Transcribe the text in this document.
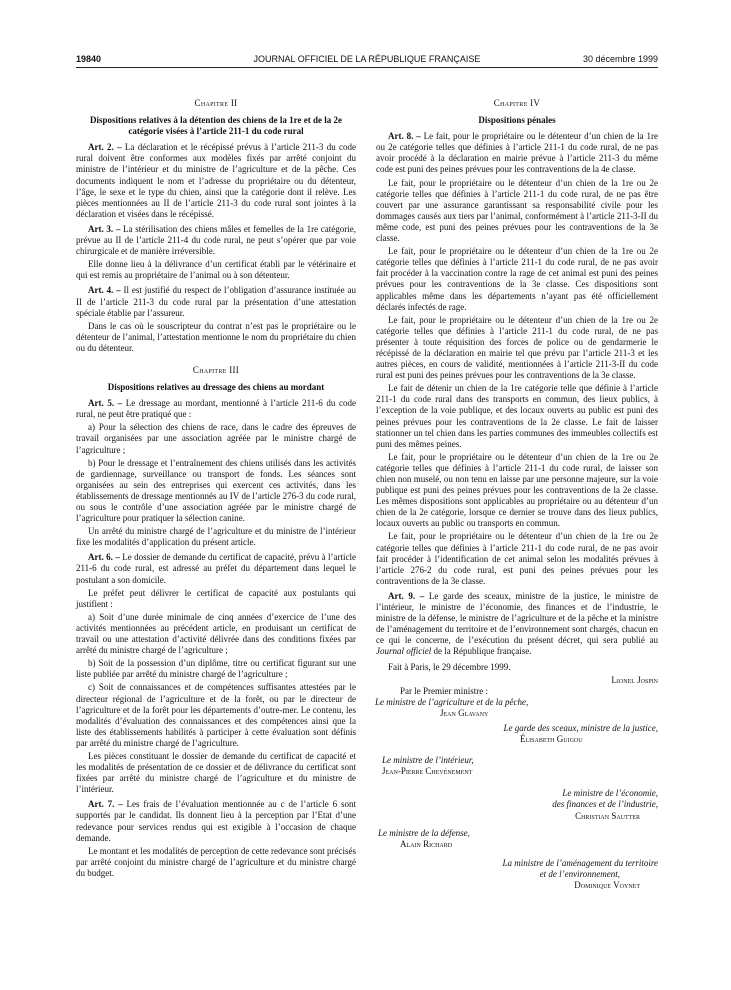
19840	JOURNAL OFFICIEL DE LA RÉPUBLIQUE FRANÇAISE	30 décembre 1999
Chapitre II
Dispositions relatives à la détention des chiens de la 1re et de la 2e catégorie visées à l’article 211-1 du code rural
Art. 2. – La déclaration et le récépissé prévus à l’article 211-3 du code rural doivent être conformes aux modèles fixés par arrêté conjoint du ministre de l’intérieur et du ministre de l’agriculture et de la pêche. Ces documents indiquent le nom et l’adresse du propriétaire ou du détenteur, l’âge, le sexe et le type du chien, ainsi que la catégorie dont il relève. Les pièces mentionnées au II de l’article 211-3 du code rural sont jointes à la déclaration et visées dans le récépissé.
Art. 3. – La stérilisation des chiens mâles et femelles de la 1re catégorie, prévue au II de l’article 211-4 du code rural, ne peut s’opérer que par voie chirurgicale et de manière irréversible.
Elle donne lieu à la délivrance d’un certificat établi par le vétérinaire et qui est remis au propriétaire de l’animal ou à son détenteur.
Art. 4. – Il est justifié du respect de l’obligation d’assurance instituée au II de l’article 211-3 du code rural par la présentation d’une attestation spéciale établie par l’assureur.
Dans le cas où le souscripteur du contrat n’est pas le propriétaire ou le détenteur de l’animal, l’attestation mentionne le nom du propriétaire du chien ou du détenteur.
Chapitre III
Dispositions relatives au dressage des chiens au mordant
Art. 5. – Le dressage au mordant, mentionné à l’article 211-6 du code rural, ne peut être pratiqué que :
a) Pour la sélection des chiens de race, dans le cadre des épreuves de travail organisées par une association agréée par le ministre chargé de l’agriculture ;
b) Pour le dressage et l’entraînement des chiens utilisés dans les activités de gardiennage, surveillance ou transport de fonds. Les séances sont organisées au sein des entreprises qui exercent ces activités, dans les établissements de dressage mentionnés au IV de l’article 276-3 du code rural, ou sous le contrôle d’une association agréée par le ministre chargé de l’agriculture pour pratiquer la sélection canine.
Un arrêté du ministre chargé de l’agriculture et du ministre de l’intérieur fixe les modalités d’application du présent article.
Art. 6. – Le dossier de demande du certificat de capacité, prévu à l’article 211-6 du code rural, est adressé au préfet du département dans lequel le postulant a son domicile.
Le préfet peut délivrer le certificat de capacité aux postulants qui justifient :
a) Soit d’une durée minimale de cinq années d’exercice de l’une des activités mentionnées au précédent article, en produisant un certificat de travail ou une attestation d’activité délivrée dans des conditions fixées par arrêté du ministre chargé de l’agriculture ;
b) Soit de la possession d’un diplôme, titre ou certificat figurant sur une liste publiée par arrêté du ministre chargé de l’agriculture ;
c) Soit de connaissances et de compétences suffisantes attestées par le directeur régional de l’agriculture et de la forêt, ou par le directeur de l’agriculture et de la forêt pour les départements d’outre-mer. Le contenu, les modalités d’évaluation des connaissances et des compétences ainsi que la liste des établissements habilités à participer à cette évaluation sont définis par arrêté du ministre chargé de l’agriculture.
Les pièces constituant le dossier de demande du certificat de capacité et les modalités de présentation de ce dossier et de délivrance du certificat sont fixées par arrêté du ministre chargé de l’agriculture et du ministre de l’intérieur.
Art. 7. – Les frais de l’évaluation mentionnée au c de l’article 6 sont supportés par le candidat. Ils donnent lieu à la perception par l’Etat d’une redevance pour services rendus qui est exigible à l’occasion de chaque demande.
Le montant et les modalités de perception de cette redevance sont précisés par arrêté conjoint du ministre chargé de l’agriculture et du ministre chargé du budget.
Chapitre IV
Dispositions pénales
Art. 8. – Le fait, pour le propriétaire ou le détenteur d’un chien de la 1re ou 2e catégorie telles que définies à l’article 211-1 du code rural, de ne pas avoir procédé à la déclaration en mairie prévue à l’article 211-3 du même code est puni des peines prévues pour les contraventions de la 4e classe.
Le fait, pour le propriétaire ou le détenteur d’un chien de la 1re ou 2e catégorie telles que définies à l’article 211-1 du code rural, de ne pas être couvert par une assurance garantissant sa responsabilité civile pour les dommages causés aux tiers par l’animal, conformément à l’article 211-3-II du même code, est puni des peines prévues pour les contraventions de la 3e classe.
Le fait, pour le propriétaire ou le détenteur d’un chien de la 1re ou 2e catégorie telles que définies à l’article 211-1 du code rural, de ne pas avoir fait procéder à la vaccination contre la rage de cet animal est puni des peines prévues pour les contraventions de la 3e classe. Ces dispositions sont applicables même dans les départements n’ayant pas été officiellement déclarés infectés de rage.
Le fait, pour le propriétaire ou le détenteur d’un chien de la 1re ou 2e catégorie telles que définies à l’article 211-1 du code rural, de ne pas présenter à toute réquisition des forces de police ou de gendarmerie le récépissé de la déclaration en mairie tel que prévu par l’article 211-3 et les autres pièces, en cours de validité, mentionnées à l’article 211-3-II du code rural est puni des peines prévues pour les contraventions de la 3e classe.
Le fait de détenir un chien de la 1re catégorie telle que définie à l’article 211-1 du code rural dans des transports en commun, des lieux publics, à l’exception de la voie publique, et des locaux ouverts au public est puni des peines prévues pour les contraventions de la 2e classe. Le fait de laisser stationner un tel chien dans les parties communes des immeubles collectifs est puni des mêmes peines.
Le fait, pour le propriétaire ou le détenteur d’un chien de la 1re ou 2e catégorie telles que définies à l’article 211-1 du code rural, de laisser son chien non muselé, ou non tenu en laisse par une personne majeure, sur la voie publique est puni des peines prévues pour les contraventions de la 2e classe. Les mêmes dispositions sont applicables au propriétaire ou au détenteur d’un chien de la 2e catégorie, lorsque ce dernier se trouve dans des lieux publics, locaux ouverts au public ou transports en commun.
Le fait, pour le propriétaire ou le détenteur d’un chien de la 1re ou 2e catégorie telles que définies à l’article 211-1 du code rural, de ne pas avoir fait procéder à l’identification de cet animal selon les modalités prévues à l’article 276-2 du code rural, est puni des peines prévues pour les contraventions de la 3e classe.
Art. 9. – Le garde des sceaux, ministre de la justice, le ministre de l’intérieur, le ministre de l’économie, des finances et de l’industrie, le ministre de la défense, le ministre de l’agriculture et de la pêche et la ministre de l’aménagement du territoire et de l’environnement sont chargés, chacun en ce qui le concerne, de l’exécution du présent décret, qui sera publié au Journal officiel de la République française.
Fait à Paris, le 29 décembre 1999.
Lionel Jospin
Par le Premier ministre :
Le ministre de l’agriculture et de la pêche,
Jean Glavany
Le garde des sceaux, ministre de la justice,
Élisabeth Guigou
Le ministre de l’intérieur,
Jean-Pierre Chevènement
Le ministre de l’économie,
des finances et de l’industrie,
Christian Sautter
Le ministre de la défense,
Alain Richard
La ministre de l’aménagement du territoire
et de l’environnement,
Dominique Voynet
